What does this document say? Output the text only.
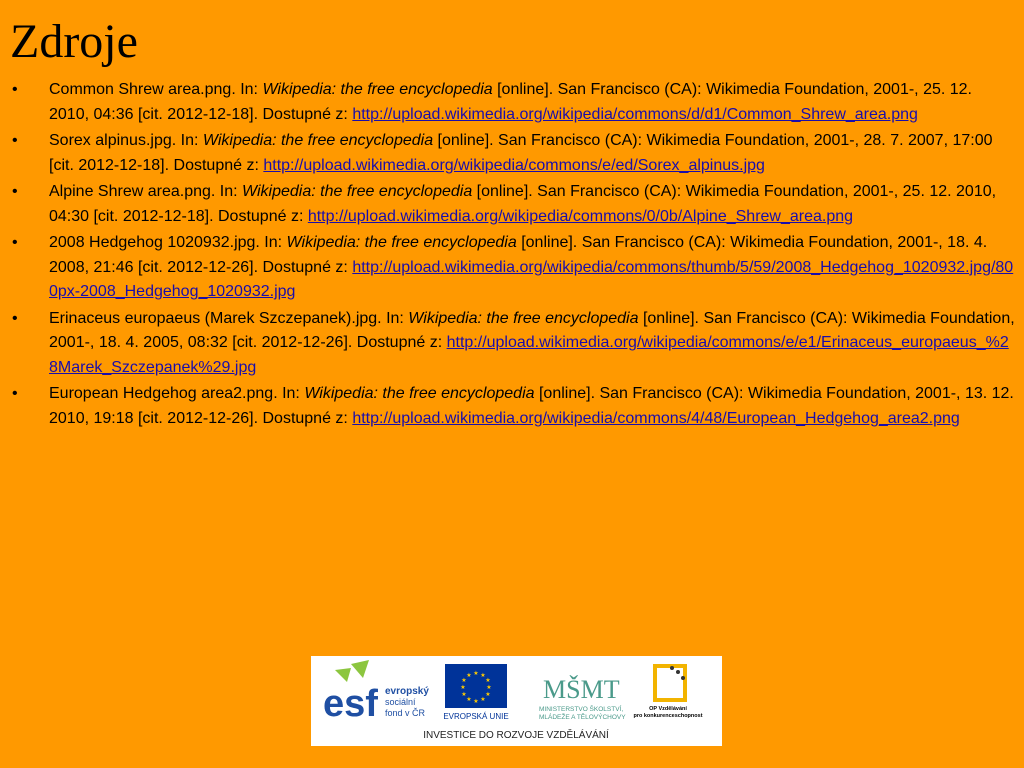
Zdroje
• Common Shrew area.png. In: Wikipedia: the free encyclopedia [online]. San Francisco (CA): Wikimedia Foundation, 2001-, 25. 12. 2010, 04:36 [cit. 2012-12-18]. Dostupné z: http://upload.wikimedia.org/wikipedia/commons/d/d1/Common_Shrew_area.png
• Sorex alpinus.jpg. In: Wikipedia: the free encyclopedia [online]. San Francisco (CA): Wikimedia Foundation, 2001-, 28. 7. 2007, 17:00 [cit. 2012-12-18]. Dostupné z: http://upload.wikimedia.org/wikipedia/commons/e/ed/Sorex_alpinus.jpg
• Alpine Shrew area.png. In: Wikipedia: the free encyclopedia [online]. San Francisco (CA): Wikimedia Foundation, 2001-, 25. 12. 2010, 04:30 [cit. 2012-12-18]. Dostupné z: http://upload.wikimedia.org/wikipedia/commons/0/0b/Alpine_Shrew_area.png
• 2008 Hedgehog 1020932.jpg. In: Wikipedia: the free encyclopedia [online]. San Francisco (CA): Wikimedia Foundation, 2001-, 18. 4. 2008, 21:46 [cit. 2012-12-26]. Dostupné z: http://upload.wikimedia.org/wikipedia/commons/thumb/5/59/2008_Hedgehog_1020932.jpg/800px-2008_Hedgehog_1020932.jpg
• Erinaceus europaeus (Marek Szczepanek).jpg. In: Wikipedia: the free encyclopedia [online]. San Francisco (CA): Wikimedia Foundation, 2001-, 18. 4. 2005, 08:32 [cit. 2012-12-26]. Dostupné z: http://upload.wikimedia.org/wikipedia/commons/e/e1/Erinaceus_europaeus_%28Marek_Szczepanek%29.jpg
• European Hedgehog area2.png. In: Wikipedia: the free encyclopedia [online]. San Francisco (CA): Wikimedia Foundation, 2001-, 13. 12. 2010, 19:18 [cit. 2012-12-26]. Dostupné z: http://upload.wikimedia.org/wikipedia/commons/4/48/European_Hedgehog_area2.png
esf evropský
sociální
fond v ČR
★ ★
★
★
★
★
★
★
★
★
★
★
EVROPSKÁ UNIE
MŠMT
MINISTERSTVO ŠKOLSTVÍ,
MLÁDEŽE A TĚLOVÝCHOVY
OP Vzdělávání
pro konkurenceschopnost
INVESTICE DO ROZVOJE VZDĚLÁVÁNÍ
